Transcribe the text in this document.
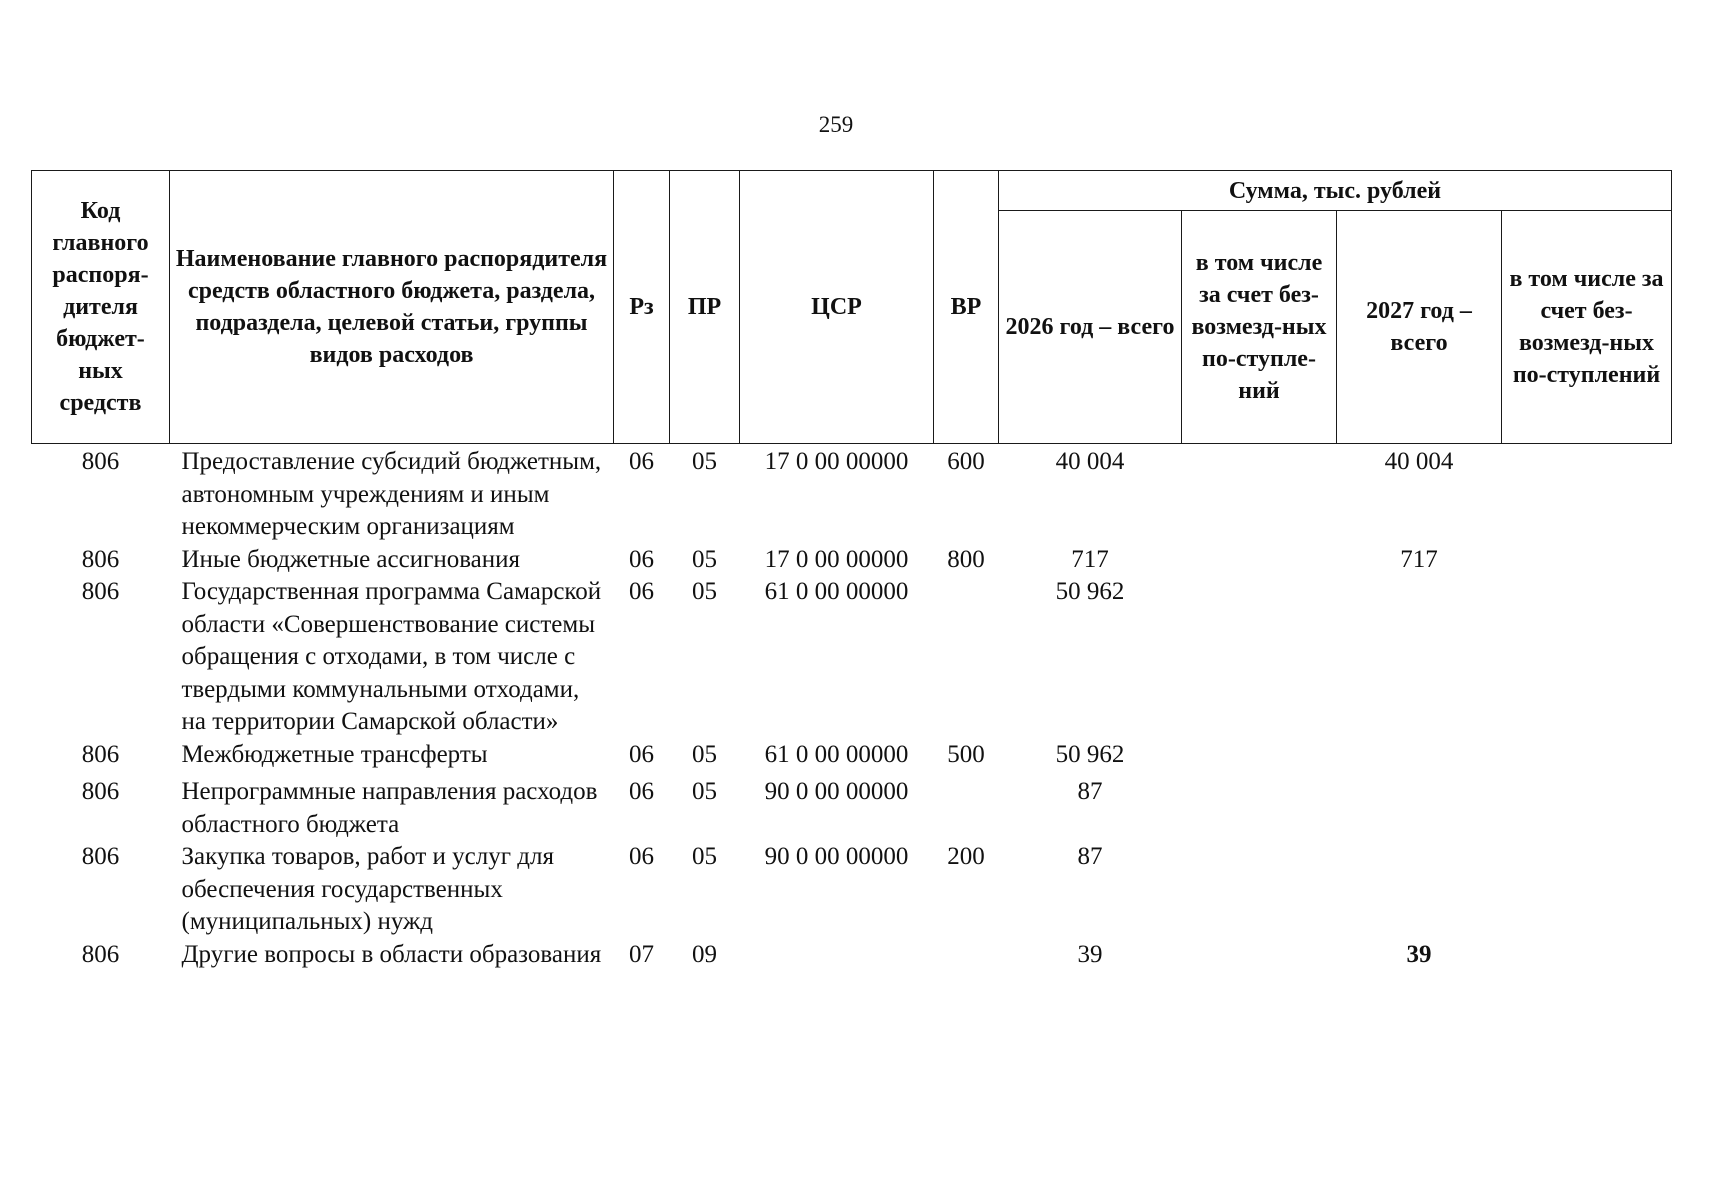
259
Код главного распоря-дителя бюджет-ных средств	Наименование главного распорядителя средств областного бюджета, раздела, подраздела, целевой статьи, группы видов расходов	Рз	ПР	ЦСР	ВР	Сумма, тыс. рублей			
						2026 год – всего	в том числе за счет без-возмезд-ных по-ступле-ний	2027 год – всего	в том числе за счет без-возмезд-ных по-ступлений
806	Предоставление субсидий бюджетным, автономным учреждениям и иным некоммерческим организациям	06	05	17 0 00 00000	600	40 004		40 004	
806	Иные бюджетные ассигнования	06	05	17 0 00 00000	800	717		717	
806	Государственная программа Самарской области «Совершенствование системы обращения с отходами, в том числе с твердыми коммунальными отходами, на территории Самарской области»	06	05	61 0 00 00000		50 962			
806	Межбюджетные трансферты	06	05	61 0 00 00000	500	50 962			
806	Непрограммные направления расходов областного бюджета	06	05	90 0 00 00000		87			
806	Закупка товаров, работ и услуг для обеспечения государственных (муниципальных) нужд	06	05	90 0 00 00000	200	87			
806	Другие вопросы в области образования	07	09			39		39	
